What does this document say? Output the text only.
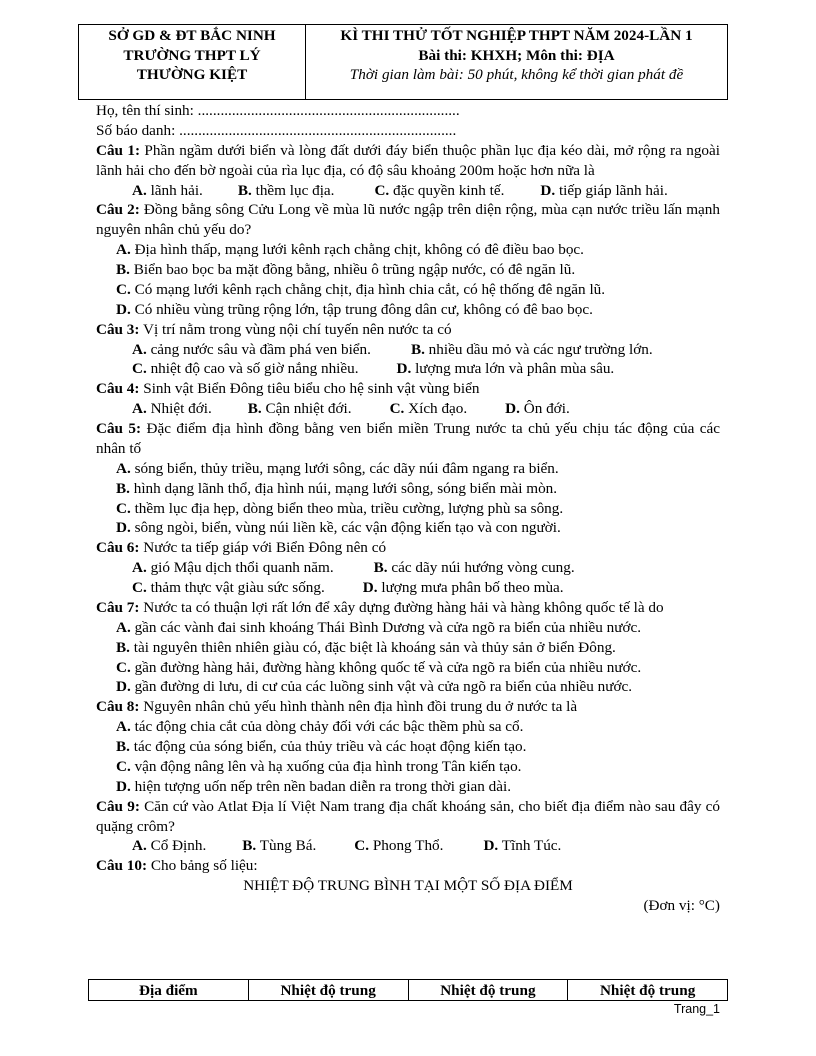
SỞ GD & ĐT BẮC NINH
TRƯỜNG THPT LÝ
THƯỜNG KIỆT

KÌ THI THỬ TỐT NGHIỆP THPT NĂM 2024-LẦN 1
Bài thi: KHXH; Môn thi: ĐỊA
Thời gian làm bài: 50 phút, không kể thời gian phát đề
Họ, tên thí sinh: .....................................................................
Số báo danh: .........................................................................
Câu 1: Phần ngầm dưới biển và lòng đất dưới đáy biển thuộc phần lục địa kéo dài, mở rộng ra ngoài lãnh hải cho đến bờ ngoài của rìa lục địa, có độ sâu khoảng 200m hoặc hơn nữa là
A. lãnh hải. B. thềm lục địa.	C. đặc quyền kinh tế. D. tiếp giáp lãnh hải.
Câu 2: Đồng bằng sông Cửu Long về mùa lũ nước ngập trên diện rộng, mùa cạn nước triều lấn mạnh nguyên nhân chủ yếu do?
A. Địa hình thấp, mạng lưới kênh rạch chằng chịt, không có đê điều bao bọc.
B. Biển bao bọc ba mặt đồng bằng, nhiều ô trũng ngập nước, có đê ngăn lũ.
C. Có mạng lưới kênh rạch chằng chịt, địa hình chia cắt, có hệ thống đê ngăn lũ.
D. Có nhiều vùng trũng rộng lớn, tập trung đông dân cư, không có đê bao bọc.
Câu 3: Vị trí nằm trong vùng nội chí tuyến nên nước ta có
A. cảng nước sâu và đầm phá ven biển.	B. nhiều dầu mỏ và các ngư trường lớn.
C. nhiệt độ cao và số giờ nắng nhiều.	D. lượng mưa lớn và phân mùa sâu.
Câu 4: Sinh vật Biển Đông tiêu biểu cho hệ sinh vật vùng biển
A. Nhiệt đới. B. Cận nhiệt đới.	C. Xích đạo.	D. Ôn đới.
Câu 5: Đặc điểm địa hình đồng bằng ven biển miền Trung nước ta chủ yếu chịu tác động của các nhân tố
A. sóng biển, thủy triều, mạng lưới sông, các dãy núi đâm ngang ra biển.
B. hình dạng lãnh thổ, địa hình núi, mạng lưới sông, sóng biển mài mòn.
C. thềm lục địa hẹp, dòng biển theo mùa, triều cường, lượng phù sa sông.
D. sông ngòi, biển, vùng núi liền kề, các vận động kiến tạo và con người.
Câu 6: Nước ta tiếp giáp với Biển Đông nên có
A. gió Mậu dịch thổi quanh năm.	B. các dãy núi hướng vòng cung.
C. thảm thực vật giàu sức sống.	D. lượng mưa phân bố theo mùa.
Câu 7: Nước ta có thuận lợi rất lớn để xây dựng đường hàng hải và hàng không quốc tế là do
A. gần các vành đai sinh khoáng Thái Bình Dương và cửa ngõ ra biển của nhiều nước.
B. tài nguyên thiên nhiên giàu có, đặc biệt là khoáng sản và thủy sản ở biển Đông.
C. gần đường hàng hải, đường hàng không quốc tế và cửa ngõ ra biển của nhiều nước.
D. gần đường di lưu, di cư của các luồng sinh vật và cửa ngõ ra biển của nhiều nước.
Câu 8: Nguyên nhân chủ yếu hình thành nên địa hình đồi trung du ở nước ta là
A. tác động chia cắt của dòng chảy đối với các bậc thềm phù sa cổ.
B. tác động của sóng biển, của thủy triều và các hoạt động kiến tạo.
C. vận động nâng lên và hạ xuống của địa hình trong Tân kiến tạo.
D. hiện tượng uốn nếp trên nền badan diễn ra trong thời gian dài.
Câu 9: Căn cứ vào Atlat Địa lí Việt Nam trang địa chất khoáng sản, cho biết địa điểm nào sau đây có quặng crôm?
A. Cổ Định. B. Tùng Bá.	C. Phong Thổ.	D. Tĩnh Túc.
Câu 10: Cho bảng số liệu:
NHIỆT ĐỘ TRUNG BÌNH TẠI MỘT SỐ ĐỊA ĐIỂM
(Đơn vị: °C)
Địa điểm	Nhiệt độ trung	Nhiệt độ trung	Nhiệt độ trung
Trang_1
